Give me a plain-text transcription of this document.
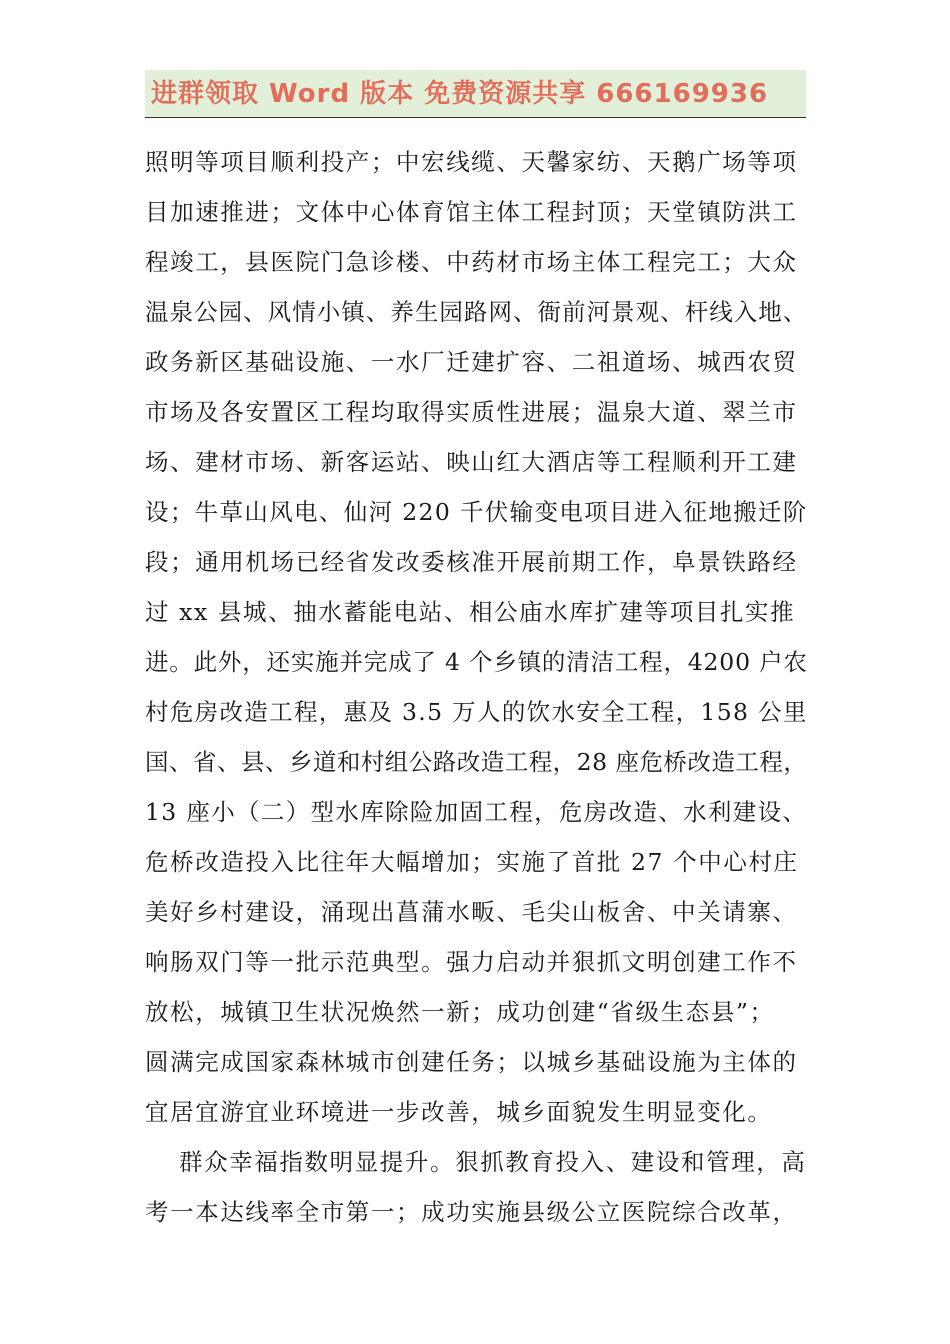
进群领取 Word 版本 免费资源共享 666169936
照明等项目顺利投产；中宏线缆、天馨家纺、天鹅广场等项
目加速推进；文体中心体育馆主体工程封顶；天堂镇防洪工
程竣工，县医院门急诊楼、中药材市场主体工程完工；大众
温泉公园、风情小镇、养生园路网、衙前河景观、杆线入地、
政务新区基础设施、一水厂迁建扩容、二祖道场、城西农贸
市场及各安置区工程均取得实质性进展；温泉大道、翠兰市
场、建材市场、新客运站、映山红大酒店等工程顺利开工建
设；牛草山风电、仙河 220 千伏输变电项目进入征地搬迁阶
段；通用机场已经省发改委核准开展前期工作，阜景铁路经
过 xx 县城、抽水蓄能电站、相公庙水库扩建等项目扎实推
进。此外，还实施并完成了 4 个乡镇的清洁工程，4200 户农
村危房改造工程，惠及 3.5 万人的饮水安全工程，158 公里
国、省、县、乡道和村组公路改造工程，28 座危桥改造工程，
13 座小（二）型水库除险加固工程，危房改造、水利建设、
危桥改造投入比往年大幅增加；实施了首批 27 个中心村庄
美好乡村建设，涌现出菖蒲水畈、毛尖山板舍、中关请寨、
响肠双门等一批示范典型。强力启动并狠抓文明创建工作不
放松，城镇卫生状况焕然一新；成功创建“省级生态县”；
圆满完成国家森林城市创建任务；以城乡基础设施为主体的
宜居宜游宜业环境进一步改善，城乡面貌发生明显变化。
群众幸福指数明显提升。狠抓教育投入、建设和管理，高
考一本达线率全市第一；成功实施县级公立医院综合改革，
